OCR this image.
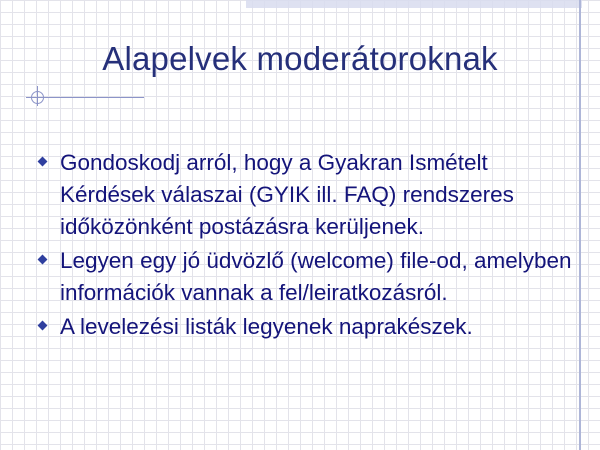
Alapelvek moderátoroknak
Gondoskodj arról, hogy a Gyakran Ismételt Kérdések válaszai (GYIK ill. FAQ) rendszeres időközönként postázásra kerüljenek.
Legyen egy jó üdvözlő (welcome) file-od, amelyben információk vannak a fel/leiratkozásról.
A levelezési listák legyenek naprakészek.
